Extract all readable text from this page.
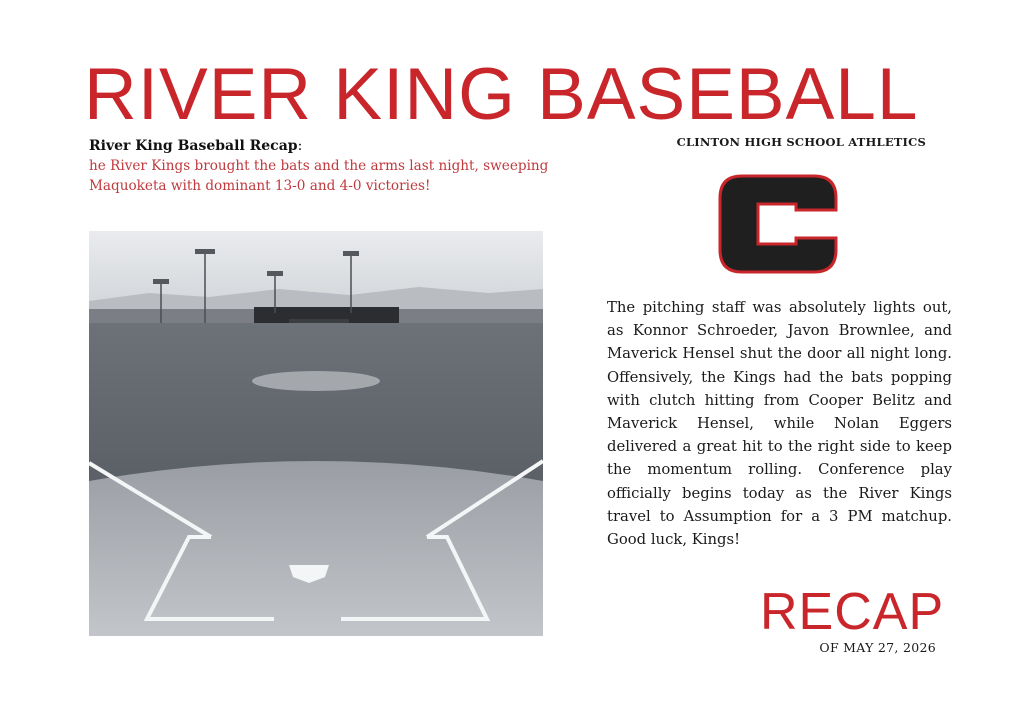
RIVER KING BASEBALL
CLINTON HIGH SCHOOL ATHLETICS
River King Baseball Recap:
he River Kings brought the bats and the arms last night, sweeping Maquoketa with dominant 13-0 and 4-0 victories!
The pitching staff was absolutely lights out, as Konnor Schroeder, Javon Brownlee, and Maverick Hensel shut the door all night long. Offensively, the Kings had the bats popping with clutch hitting from Cooper Belitz and Maverick Hensel, while Nolan Eggers delivered a great hit to the right side to keep the momentum rolling. Conference play officially begins today as the River Kings travel to Assumption for a 3 PM matchup. Good luck, Kings!
RECAP
OF MAY 27, 2026
